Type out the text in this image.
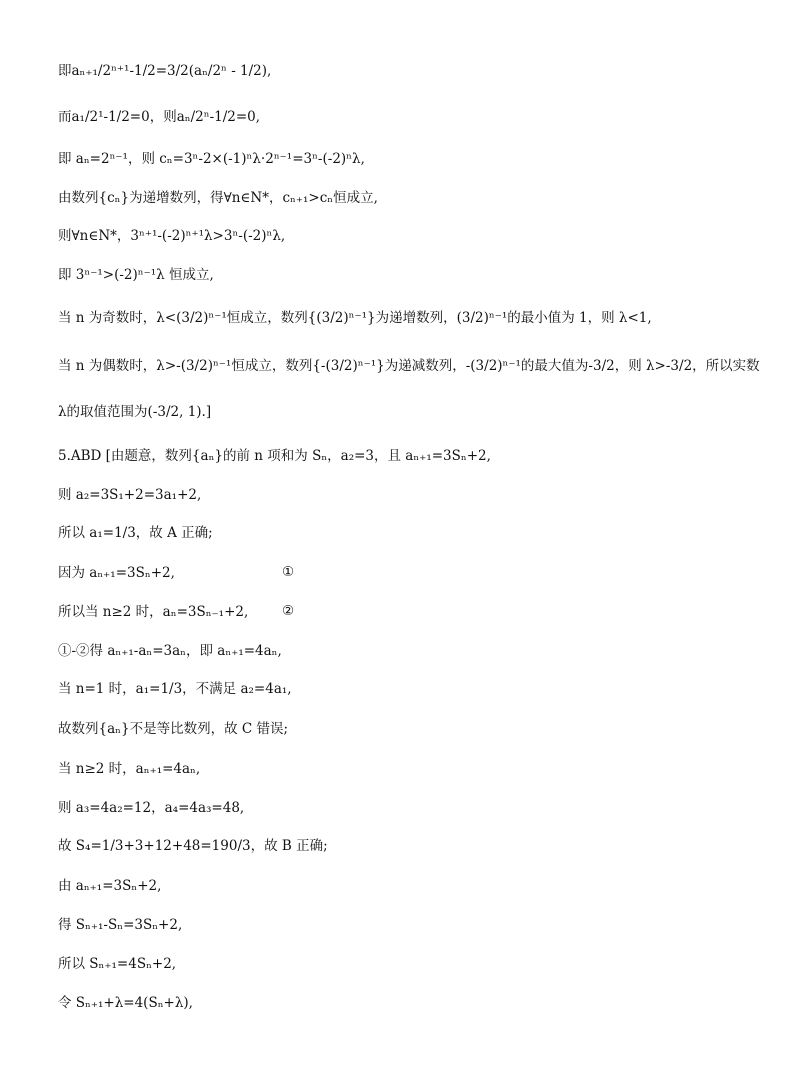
即aₙ₊₁/2ⁿ⁺¹-1/2=3/2(aₙ/2ⁿ - 1/2),
而a₁/2¹-1/2=0，则aₙ/2ⁿ-1/2=0,
即 aₙ=2ⁿ⁻¹，则 cₙ=3ⁿ-2×(-1)ⁿλ·2ⁿ⁻¹=3ⁿ-(-2)ⁿλ,
由数列{cₙ}为递增数列，得∀n∈N*，cₙ₊₁>cₙ恒成立,
则∀n∈N*，3ⁿ⁺¹-(-2)ⁿ⁺¹λ>3ⁿ-(-2)ⁿλ,
即 3ⁿ⁻¹>(-2)ⁿ⁻¹λ 恒成立,
当 n 为奇数时，λ<(3/2)ⁿ⁻¹恒成立，数列{(3/2)ⁿ⁻¹}为递增数列，(3/2)ⁿ⁻¹的最小值为 1，则 λ<1,
当 n 为偶数时，λ>-(3/2)ⁿ⁻¹恒成立，数列{-(3/2)ⁿ⁻¹}为递减数列，-(3/2)ⁿ⁻¹的最大值为-3/2，则 λ>-3/2，所以实数
λ的取值范围为(-3/2, 1).]
5.ABD [由题意，数列{aₙ}的前 n 项和为 Sₙ，a₂=3，且 aₙ₊₁=3Sₙ+2,
则 a₂=3S₁+2=3a₁+2,
所以 a₁=1/3，故 A 正确;
因为 aₙ₊₁=3Sₙ+2,
所以当 n≥2 时，aₙ=3Sₙ₋₁+2,
①-②得 aₙ₊₁-aₙ=3aₙ，即 aₙ₊₁=4aₙ,
当 n=1 时，a₁=1/3，不满足 a₂=4a₁,
故数列{aₙ}不是等比数列，故 C 错误;
当 n≥2 时，aₙ₊₁=4aₙ,
则 a₃=4a₂=12，a₄=4a₃=48,
故 S₄=1/3+3+12+48=190/3，故 B 正确;
由 aₙ₊₁=3Sₙ+2,
得 Sₙ₊₁-Sₙ=3Sₙ+2,
所以 Sₙ₊₁=4Sₙ+2,
令 Sₙ₊₁+λ=4(Sₙ+λ),
①
②
